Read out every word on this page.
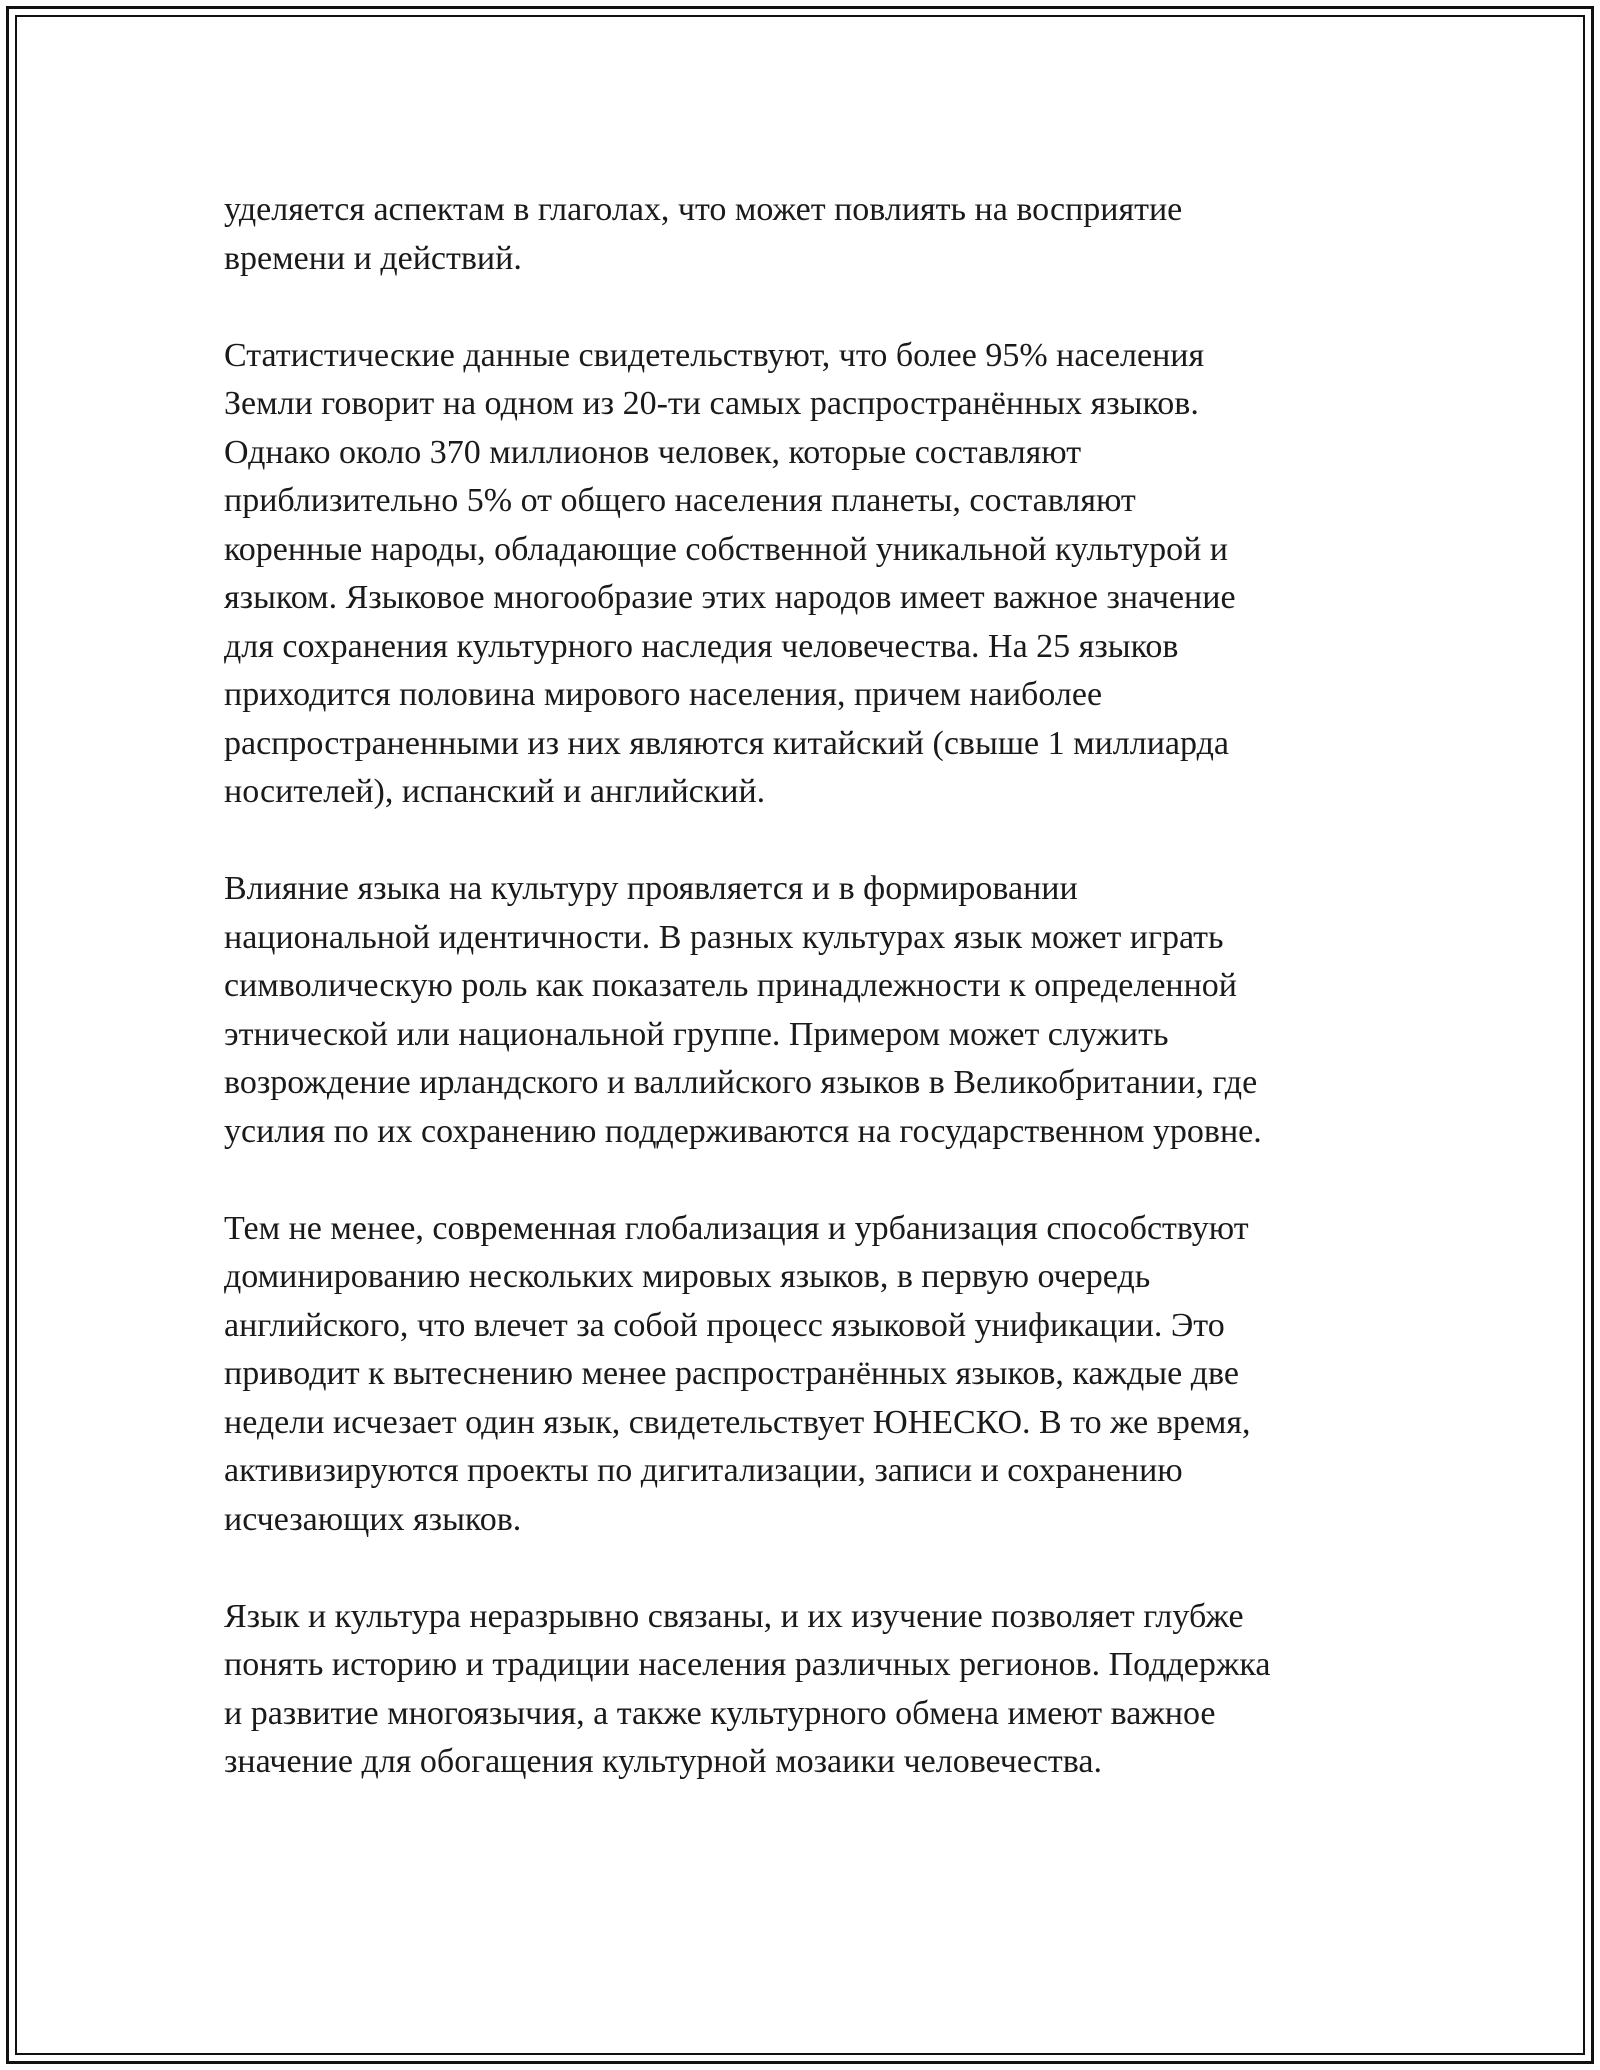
уделяется аспектам в глаголах, что может повлиять на восприятие
времени и действий.

Статистические данные свидетельствуют, что более 95% населения
Земли говорит на одном из 20-ти самых распространённых языков.
Однако около 370 миллионов человек, которые составляют
приблизительно 5% от общего населения планеты, составляют
коренные народы, обладающие собственной уникальной культурой и
языком. Языковое многообразие этих народов имеет важное значение
для сохранения культурного наследия человечества. На 25 языков
приходится половина мирового населения, причем наиболее
распространенными из них являются китайский (свыше 1 миллиарда
носителей), испанский и английский.

Влияние языка на культуру проявляется и в формировании
национальной идентичности. В разных культурах язык может играть
символическую роль как показатель принадлежности к определенной
этнической или национальной группе. Примером может служить
возрождение ирландского и валлийского языков в Великобритании, где
усилия по их сохранению поддерживаются на государственном уровне.

Тем не менее, современная глобализация и урбанизация способствуют
доминированию нескольких мировых языков, в первую очередь
английского, что влечет за собой процесс языковой унификации. Это
приводит к вытеснению менее распространённых языков, каждые две
недели исчезает один язык, свидетельствует ЮНЕСКО. В то же время,
активизируются проекты по дигитализации, записи и сохранению
исчезающих языков.

Язык и культура неразрывно связаны, и их изучение позволяет глубже
понять историю и традиции населения различных регионов. Поддержка
и развитие многоязычия, а также культурного обмена имеют важное
значение для обогащения культурной мозаики человечества.
